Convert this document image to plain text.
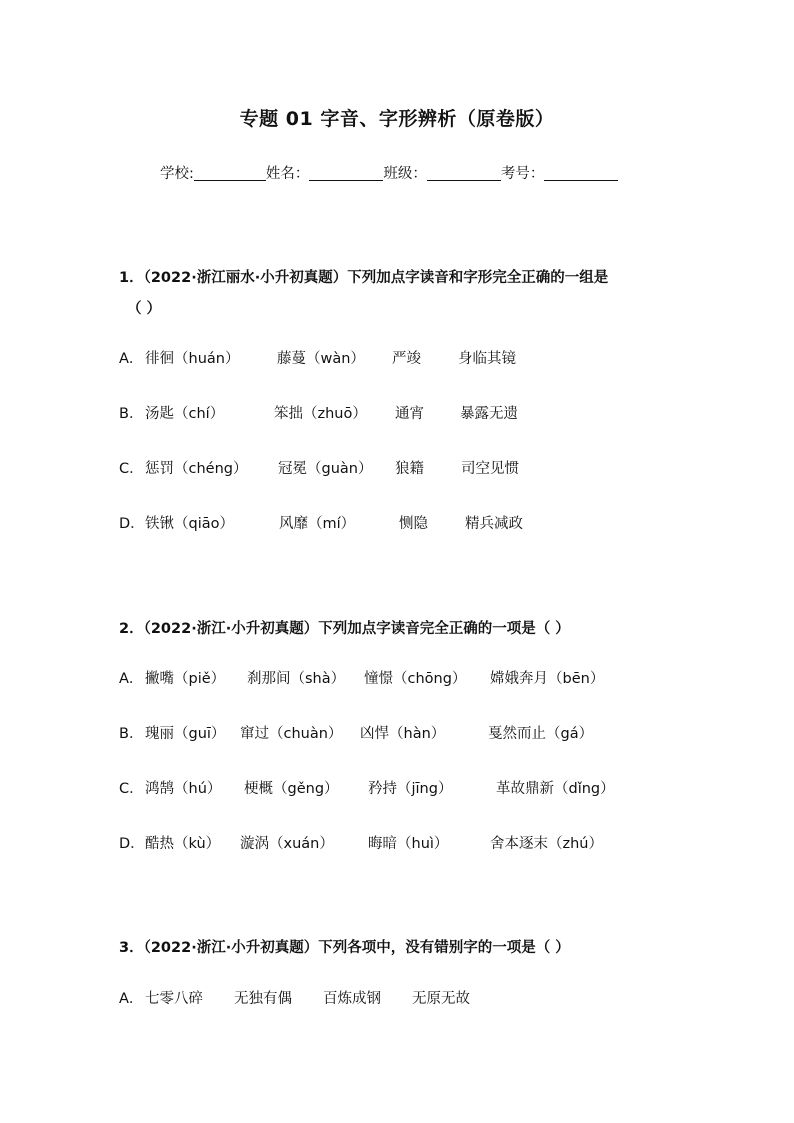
专题 01 字音、字形辨析（原卷版）
学校:	姓名：	班级：	考号：
1．（2022·浙江丽水·小升初真题）下列加点字读音和字形完全正确的一组是
（ ）
A． 徘徊（huán）	藤蔓（wàn） 严竣	身临其镜
B． 汤匙（chí）	笨拙（zhuō） 通宵 暴露无遗
C．惩罚（chéng） 冠冕（guàn） 狼籍	司空见惯
D．铁锹（qiāo）	风靡（mí）	恻隐	精兵减政
2．（2022·浙江·小升初真题）下列加点字读音完全正确的一项是（ ）
A． 撇嘴（piě） 刹那间（shà） 憧憬（chōng） 嫦娥奔月（bēn）
B． 瑰丽（guī） 窜过（chuàn） 凶悍（hàn）	戛然而止（gá）
C．鸿鹄（hú） 梗概（gěng） 矜持（jīng）	革故鼎新（dǐng）
D．酷热（kù） 漩涡（xuán） 晦暗（huì）	舍本逐末（zhú）
3．（2022·浙江·小升初真题）下列各项中，没有错别字的一项是（ ）
A． 七零八碎 无独有偶 百炼成钢 无原无故
